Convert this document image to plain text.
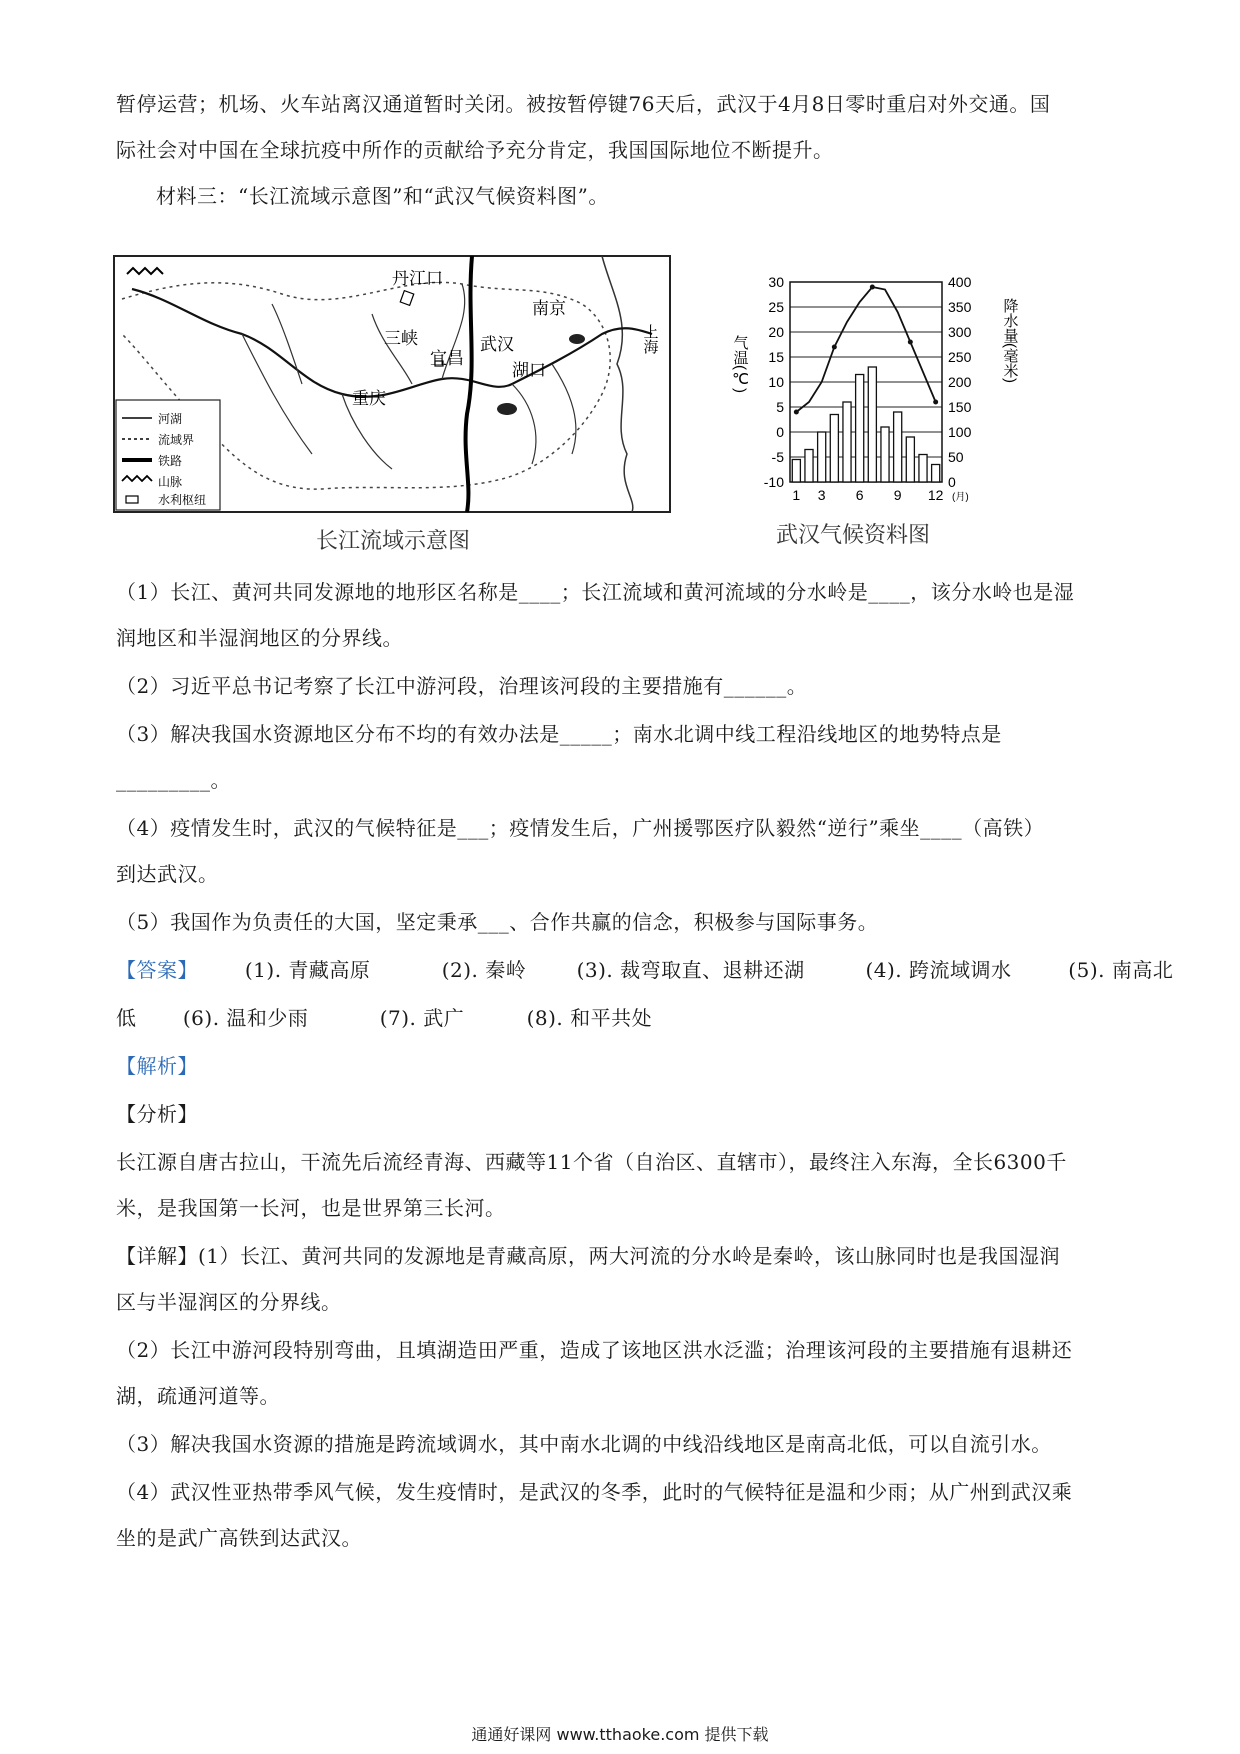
暂停运营；机场、火车站离汉通道暂时关闭。被按暂停键76天后，武汉于4月8日零时重启对外交通。国
际社会对中国在全球抗疫中所作的贡献给予充分肯定，我国国际地位不断提升。
材料三：“长江流域示意图”和“武汉气候资料图”。
丹江口
三峡
宜昌
武汉
南京
上海
湖口
重庆
河湖
流域界
铁路
山脉
水利枢纽
长江流域示意图
30
25
20
15
10
5
0
-5
-10
400
350
300
250
200
150
100
50
0
1 3 6 9 12 (月)
气温(℃)	降水量(毫米)
武汉气候资料图
（1）长江、黄河共同发源地的地形区名称是____；长江流域和黄河流域的分水岭是____，该分水岭也是湿
润地区和半湿润地区的分界线。
（2）习近平总书记考察了长江中游河段，治理该河段的主要措施有______。
（3）解决我国水资源地区分布不均的有效办法是_____；南水北调中线工程沿线地区的地势特点是
_________。
（4）疫情发生时，武汉的气候特征是___；疫情发生后，广州援鄂医疗队毅然“逆行”乘坐____（高铁）
到达武汉。
（5）我国作为负责任的大国，坚定秉承___、合作共赢的信念，积极参与国际事务。
【答案】 (1). 青藏高原	(2). 秦岭	(3). 裁弯取直、退耕还湖	(4). 跨流域调水	(5). 南高北
低 (6). 温和少雨	(7). 武广	(8). 和平共处
【解析】
【分析】
长江源自唐古拉山，干流先后流经青海、西藏等11个省（自治区、直辖市），最终注入东海，全长6300千
米，是我国第一长河，也是世界第三长河。
【详解】(1）长江、黄河共同的发源地是青藏高原，两大河流的分水岭是秦岭，该山脉同时也是我国湿润
区与半湿润区的分界线。
（2）长江中游河段特别弯曲，且填湖造田严重，造成了该地区洪水泛滥；治理该河段的主要措施有退耕还
湖，疏通河道等。
（3）解决我国水资源的措施是跨流域调水，其中南水北调的中线沿线地区是南高北低，可以自流引水。
（4）武汉性亚热带季风气候，发生疫情时，是武汉的冬季，此时的气候特征是温和少雨；从广州到武汉乘
坐的是武广高铁到达武汉。
通通好课网 www.tthaoke.com 提供下载
